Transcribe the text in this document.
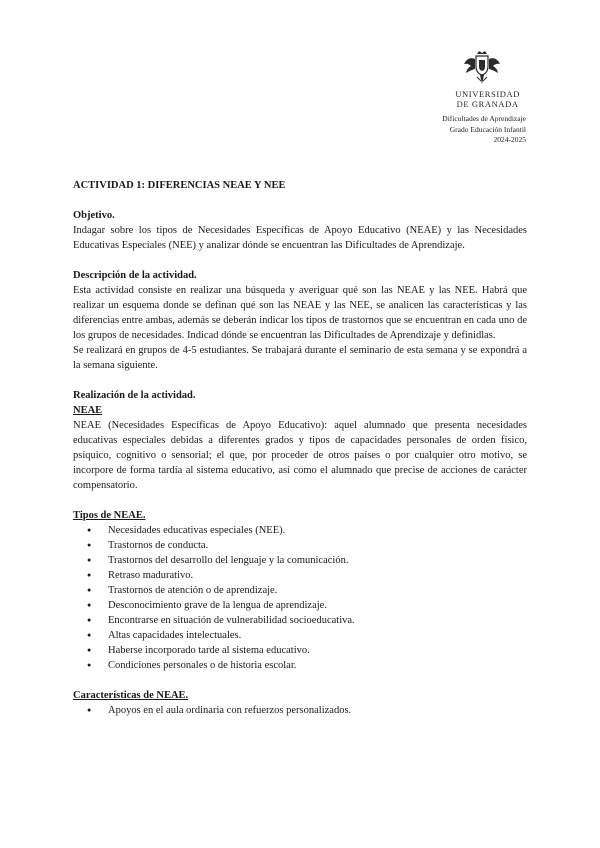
UNIVERSIDAD
DE GRANADA
Dificultades de Aprendizaje
Grado Educación Infantil
2024-2025
ACTIVIDAD 1: DIFERENCIAS NEAE Y NEE
Objetivo.

Indagar sobre los tipos de Necesidades Específicas de Apoyo Educativo (NEAE) y las Necesidades Educativas Especiales (NEE) y analizar dónde se encuentran las Dificultades de Aprendizaje.

Descripción de la actividad.

Esta actividad consiste en realizar una búsqueda y averiguar qué son las NEAE y las NEE. Habrá que realizar un esquema donde se definan qué son las NEAE y las NEE, se analicen las características y las diferencias entre ambas, además se deberán indicar los tipos de trastornos que se encuentran en cada uno de los grupos de necesidades. Indicad dónde se encuentran las Dificultades de Aprendizaje y definidlas.

Se realizará en grupos de 4-5 estudiantes. Se trabajará durante el seminario de esta semana y se expondrá a la semana siguiente.

Realización de la actividad.
NEAE

NEAE (Necesidades Específicas de Apoyo Educativo): aquel alumnado que presenta necesidades educativas especiales debidas a diferentes grados y tipos de capacidades personales de orden físico, psíquico, cognitivo o sensorial; el que, por proceder de otros países o por cualquier otro motivo, se incorpore de forma tardía al sistema educativo, así como el alumnado que precise de acciones de carácter compensatorio.

Tipos de NEAE.
● Necesidades educativas especiales (NEE).
● Trastornos de conducta.
● Trastornos del desarrollo del lenguaje y la comunicación.
● Retraso madurativo.
● Trastornos de atención o de aprendizaje.
● Desconocimiento grave de la lengua de aprendizaje.
● Encontrarse en situación de vulnerabilidad socioeducativa.
● Altas capacidades intelectuales.
● Haberse incorporado tarde al sistema educativo.
● Condiciones personales o de historia escolar.
Características de NEAE.
● Apoyos en el aula ordinaria con refuerzos personalizados.
